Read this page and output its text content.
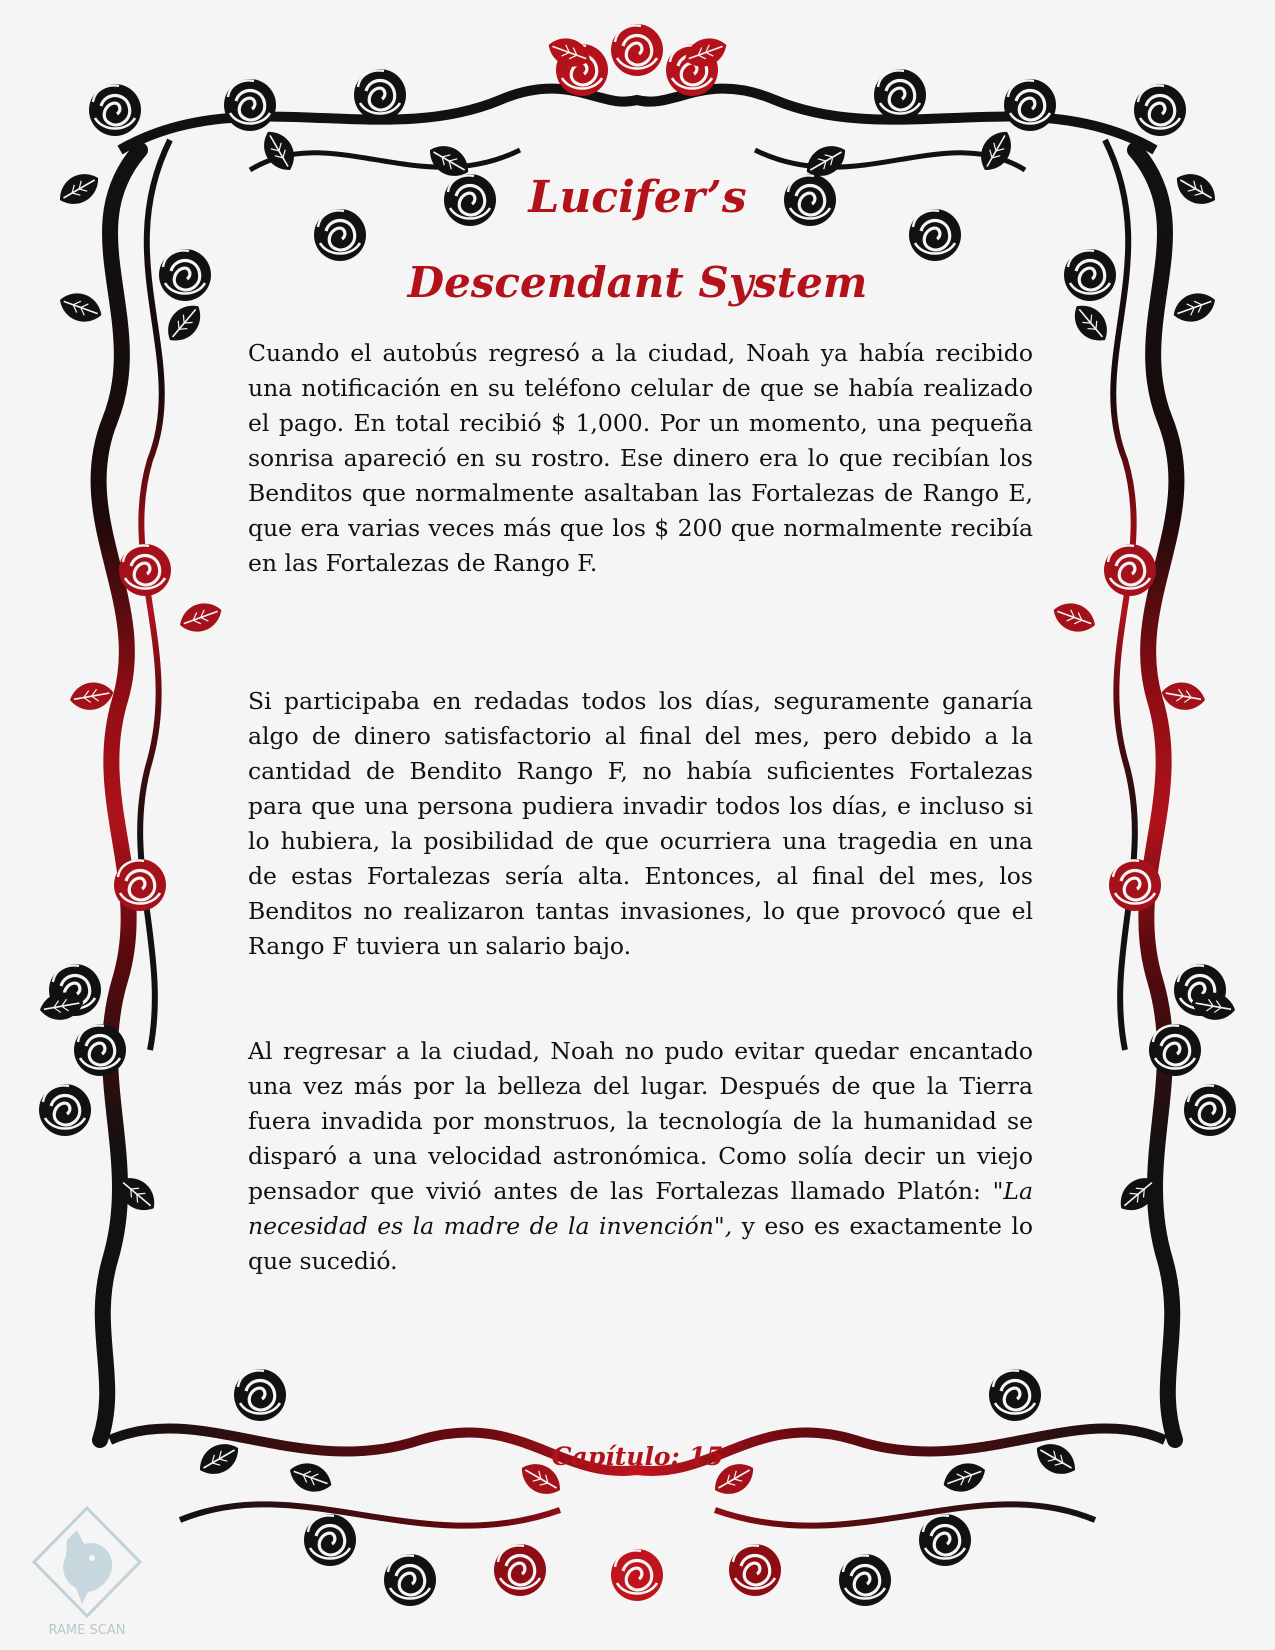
Lucifer’s
Descendant System

Cuando el autobús regresó a la ciudad, Noah ya había recibido una notificación en su teléfono celular de que se había realizado el pago. En total recibió $ 1,000. Por un momento, una pequeña sonrisa apareció en su rostro. Ese dinero era lo que recibían los Benditos que normalmente asaltaban las Fortalezas de Rango E, que era varias veces más que los $ 200 que normalmente recibía en las Fortalezas de Rango F.

Si participaba en redadas todos los días, seguramente ganaría algo de dinero satisfactorio al final del mes, pero debido a la cantidad de Bendito Rango F, no había suficientes Fortalezas para que una persona pudiera invadir todos los días, e incluso si lo hubiera, la posibilidad de que ocurriera una tragedia en una de estas Fortalezas sería alta. Entonces, al final del mes, los Benditos no realizaron tantas invasiones, lo que provocó que el Rango F tuviera un salario bajo.

Al regresar a la ciudad, Noah no pudo evitar quedar encantado una vez más por la belleza del lugar. Después de que la Tierra fuera invadida por monstruos, la tecnología de la humanidad se disparó a una velocidad astronómica. Como solía decir un viejo pensador que vivió antes de las Fortalezas llamado Platón: "La necesidad es la madre de la invención", y eso es exactamente lo que sucedió.

Capítulo: 15
RAME SCAN
